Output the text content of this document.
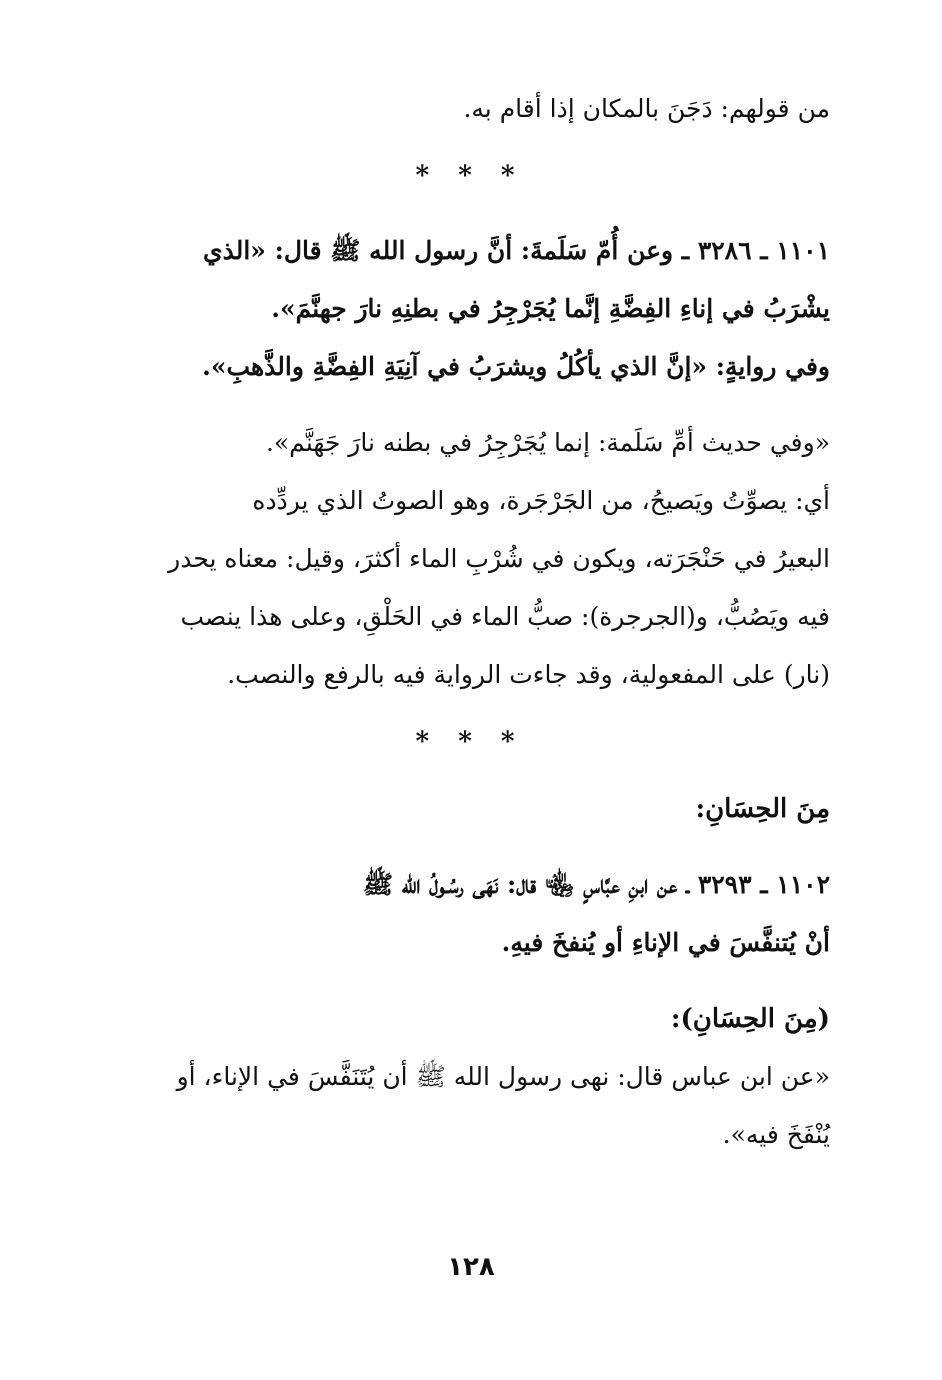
من قولهم: دَجَنَ بالمكان إذا أقام به.
* * *
١١٠١ ـ ٣٢٨٦ ـ وعن أُمّ سَلَمةَ: أنَّ رسول الله ﷺ قال: «الذي
يشْرَبُ في إناءِ الفِضَّةِ إنَّما يُجَرْجِرُ في بطنِهِ نارَ جهنَّمَ».
وفي روايةٍ: «إنَّ الذي يأكُلُ ويشرَبُ في آنِيَةِ الفِضَّةِ والذَّهبِ».
«وفي حديث أمِّ سَلَمة: إنما يُجَرْجِرُ في بطنه نارَ جَهَنَّم».
أي: يصوِّتُ ويَصيحُ، من الجَرْجَرة، وهو الصوتُ الذي يردِّده
البعيرُ في حَنْجَرَته، ويكون في شُرْبِ الماء أكثرَ، وقيل: معناه يحدر
فيه ويَصُبُّ، و(الجرجرة): صبُّ الماء في الحَلْقِ، وعلى هذا ينصب
(نار) على المفعولية، وقد جاءت الرواية فيه بالرفع والنصب.
* * *
مِنَ الحِسَانِ:
١١٠٢ ـ ٣٢٩٣ ـ عن ابنِ عبَّاسٍ ﵄ قال: نَهَى رسُـولُ الله ﷺ
أنْ يُتنفَّسَ في الإناءِ أو يُنفخَ فيهِ.
(مِنَ الحِسَانِ):
«عن ابن عباس قال: نهى رسول الله ﷺ أن يُتَنَفَّسَ في الإناء، أو
يُنْفَخَ فيه».
١٢٨
